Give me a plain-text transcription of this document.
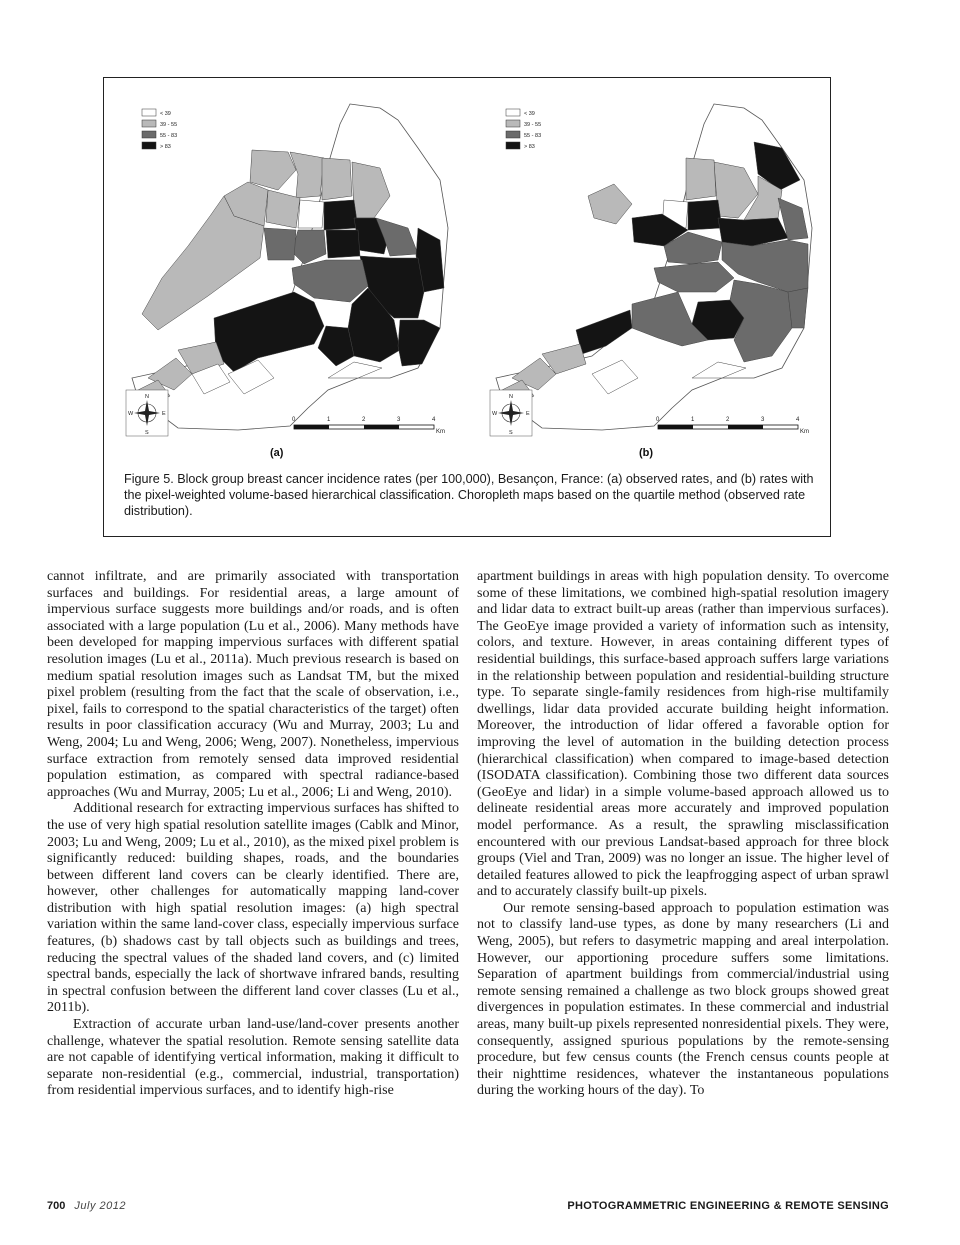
< 39
39 - 55
55 - 83
> 83
N
S
W	E
0	1	2	3	4
Km
< 39
39 - 55
55 - 83
> 83
N
S
W	E
0	1	2	3	4
Km
(a)	(b)

Figure 5. Block group breast cancer incidence rates (per 100,000), Besançon, France: (a) observed rates, and (b) rates with the pixel-weighted volume-based hierarchical classification. Choropleth maps based on the quartile method (observed rate distribution).

cannot infiltrate, and are primarily associated with transportation surfaces and buildings. For residential areas, a large amount of impervious surface suggests more buildings and/or roads, and is often associated with a large population (Lu et al., 2006). Many methods have been developed for mapping impervious surfaces with different spatial resolution images (Lu et al., 2011a). Much previous research is based on medium spatial resolution images such as Landsat TM, but the mixed pixel problem (resulting from the fact that the scale of observation, i.e., pixel, fails to correspond to the spatial characteristics of the target) often results in poor classification accuracy (Wu and Murray, 2003; Lu and Weng, 2004; Lu and Weng, 2006; Weng, 2007). Nonetheless, impervious surface extraction from remotely sensed data improved residential population estimation, as compared with spectral radiance-based approaches (Wu and Murray, 2005; Lu et al., 2006; Li and Weng, 2010).

Additional research for extracting impervious surfaces has shifted to the use of very high spatial resolution satellite images (Cablk and Minor, 2003; Lu and Weng, 2009; Lu et al., 2010), as the mixed pixel problem is significantly reduced: building shapes, roads, and the boundaries between different land covers can be clearly identified. There are, however, other challenges for automatically mapping land-cover distribution with high spatial resolution images: (a) high spectral variation within the same land-cover class, especially impervious surface features, (b) shadows cast by tall objects such as buildings and trees, reducing the spectral values of the shaded land covers, and (c) limited spectral bands, especially the lack of shortwave infrared bands, resulting in spectral confusion between the different land cover classes (Lu et al., 2011b).

Extraction of accurate urban land-use/land-cover presents another challenge, whatever the spatial resolution. Remote sensing satellite data are not capable of identifying vertical information, making it difficult to separate non-residential (e.g., commercial, industrial, transportation) from residential impervious surfaces, and to identify high-rise

apartment buildings in areas with high population density. To overcome some of these limitations, we combined high-spatial resolution imagery and lidar data to extract built-up areas (rather than impervious surfaces). The GeoEye image provided a variety of information such as intensity, colors, and texture. However, in areas containing different types of residential buildings, this surface-based approach suffers large variations in the relationship between population and residential-building structure type. To separate single-family residences from high-rise multifamily dwellings, lidar data provided accurate building height information. Moreover, the introduction of lidar offered a favorable option for improving the level of automation in the building detection process (hierarchical classification) when compared to image-based detection (ISODATA classification). Combining those two different data sources (GeoEye and lidar) in a simple volume-based approach allowed us to delineate residential areas more accurately and improved population model performance. As a result, the sprawling misclassification encountered with our previous Landsat-based approach for three block groups (Viel and Tran, 2009) was no longer an issue. The higher level of detailed features allowed to pick the leapfrogging aspect of urban sprawl and to accurately classify built-up pixels.

Our remote sensing-based approach to population estimation was not to classify land-use types, as done by many researchers (Li and Weng, 2005), but refers to dasymetric mapping and areal interpolation. However, our apportioning procedure suffers some limitations. Separation of apartment buildings from commercial/industrial using remote sensing remained a challenge as two block groups showed great divergences in population estimates. In these commercial and industrial areas, many built-up pixels represented nonresidential pixels. They were, consequently, assigned spurious populations by the remote-sensing procedure, but few census counts (the French census counts people at their nighttime residences, whatever the instantaneous populations during the working hours of the day). To

700 July 2012	PHOTOGRAMMETRIC ENGINEERING & REMOTE SENSING
